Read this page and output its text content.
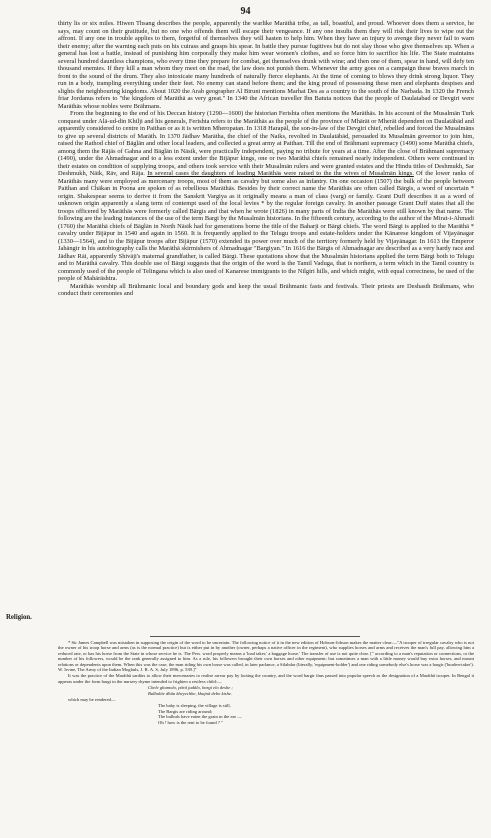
94

thirty lis or six miles. Hiwen Thsang describes the people, apparently the warlike Marāthā tribe, as tall, boastful, and proud. Whoever does them a service, he says, may count on their gratitude, but no one who offends them will escape their vengeance. If any one insults them they will risk their lives to wipe out the affront. If any one in trouble applies to them, forgetful of themselves they will hasten to help him. When they have an injury to avenge they never fail to warn their enemy; after the warning each puts on his cuirass and grasps his spear. In battle they pursue fugitives but do not slay those who give themselves up. When a general has lost a battle, instead of punishing him corporally they make him wear women's clothes, and so force him to sacrifice his life. The State maintains several hundred dauntless champions, who every time they prepare for combat, get themselves drunk with wine; and then one of them, spear in hand, will defy ten thousand enemies. If they kill a man whom they meet on the road, the law does not punish them. Whenever the army goes on a campaign these braves march in front to the sound of the drum. They also intoxicate many hundreds of naturally fierce elephants. At the time of coming to blows they drink strong liquor. They run in a body, trampling everything under their feet. No enemy can stand before them; and the king proud of possessing these men and elephants despises and slights the neighbouring kingdoms. About 1020 the Arab geographer Al Biruni mentions Marhat Des as a country to the south of the Narbada. In 1320 the French friar Jordanus refers to "the kingdom of Marāthā as very great." In 1340 the African traveller Ibn Batuta notices that the people of Daulatabad or Devgiri were Marāthās whose nobles were Brāhmans.

From the beginning to the end of his Deccan history (1290—1600) the historian Ferishta often mentions the Marāthās. In his account of the Musalmān Turk conquest under Alā-ud-din Khilji and his generals, Ferishta refers to the Marāthās as the people of the province of Mhārāt or Mherāt dependent on Daulatābād and apparently considered to centre in Paithan or as it is written Mheropatan. In 1318 Harapāl, the son-in-law of the Devgiri chief, rebelled and forced the Musalmāns to give up several districts of Marāth. In 1370 Jādhav Marātha, the chief of the Naiks, revolted in Daulatābād, persuaded its Musalmān governor to join him, raised the Rathod chief of Bāglān and other local leaders, and collected a great army at Paithan. Till the end of Brāhmani supremacy (1490) some Marāthā chiefs, among them the Rājās of Gahna and Bāglān in Nāsik, were practically independent, paying no tribute for years at a time. After the close of Brāhmani supremacy (1490), under the Ahmadnagar and to a less extent under the Bijāpur kings, one or two Marāthā chiefs remained nearly independent. Others were continued in their estates on condition of supplying troops, and others took service with their Musalmān rulers and were granted estates and the Hindu titles of Deshmukh, Sar Deshmukh, Nāik, Rāv, and Rāja. In several cases the daughters of leading Marāthās were raised to the the wives of Musalmān kings. Of the lower ranks of Marāthās many were employed as mercenary troops, most of them as cavalry but some also as infantry. On one occasion (1507) the bulk of the people between Paithan and Chākan in Poona are spoken of as rebellious Marāthās. Besides by their correct name the Marāthās are often called Bārgis, a word of uncertain * origin. Shakespear seems to derive it from the Sanskrit Vargiya as it originally means a man of class (varg) or family. Grant Duff describes it as a word of unknown origin apparently a slang term of contempt used of the local levies * by the regular foreign cavalry. In another passage Grant Duff states that all the troops officered by Marāthās were formerly called Bārgis and that when he wrote (1826) in many parts of India the Marāthās were still known by that name. The following are the leading instances of the use of the term Bargi by the Musalmān historians. In the fifteenth century, according to the author of the Mirat-i-Ahmadi (1760) the Marāthā chiefs of Bāglān in North Nāsik had for generations borne the title of the Baharji or Bārgi chiefs. The word Bārgi is applied to the Marāthā * cavalry under Bijāpur in 1540 and again in 1560. It is frequently applied to the Telugu troops and estate-holders under the Kānarese kingdom of Vijayānagar (1330—1564), and to the Bijāpur troops after Bijāpur (1570) extended its power over much of the territory formerly held by Vijayānagar. In 1613 the Emperor Jahāngir in his autobiography calls the Marāthā skirmishers of Ahmadnagar "Bargiyan." In 1616 the Bārgis of Ahmadnagar are described as a very hardy race and Jādhav Rāi, apparently Shivāji's maternal grandfather, is called Bārgi. These quotations show that the Musalmān historians applied the term Bārgi both to Telugu and to Marāthā cavalry. This double use of Bārgi suggests that the origin of the word is the Tamil Vaduga, that is northern, a term which in the Tamil country is commonly used of the people of Telingana which is also used of Kanarese immigrants to the Nilgiri hills, and which might, with equal correctness, be used of the people of Mahārāshtra.

Marāthās worship all Brāhmanic local and boundary gods and keep the usual Brāhmanic fasts and festivals. Their priests are Deshasth Brāhmans, who conduct their ceremonies and

Religion.

* Sir James Campbell was mistaken in supposing the origin of the word to be uncertain. The following notice of it in the new edition of Hobson-Jobson makes the matter clear:—"A trooper of irregular cavalry who is not the owner of his troop horse and arms (as is the normal practice) but is either put in by another (owner, perhaps a native officer in the regiment), who supplies horses and arms and receives the man's full pay, allowing him a reduced rate, or has his horse from the State in whose service he is. The Pers. word properly means a 'load taker,' a baggage horse.' The transfer of use is not quite clear. [" according to a man's reputation or connections, or the number of his followers, would be the rank generally assigned to him. As a rule, his followers brought their own horses and other equipment; but sometimes a man with a little money would buy extra horses, and mount relations or dependents upon them. When this was the case, the man riding his own horse was called, in later parlance, a Silahdar (literally, 'equipment-holder') and one riding somebody else's horse was a bargir ('burden-taker'). W. Irvine, The Army of the Indian Moghuls, J. R. A. S, July 1896, p. 539.]"

It was the practice of the Marāthā sardārs to allow their mercenaries to realise arrear pay by looting the country, and the word bargir thus passed into popular speech as the designation of a Marāthā trooper. In Bengal it appears under the form bargi in the nursery rhyme intended to frighten a restless child:—

Chele ghumolo, pārā judālo, bargi elo deshe ;
Bulbulite dhān kheyechhe, khajnā debo kishe.

which may be rendered—

The baby is sleeping, the village is still,
The Bargis are riding around;
The bulbuls have eaten the grain in the ear —
Oh ! how is the rent to be found ? "
